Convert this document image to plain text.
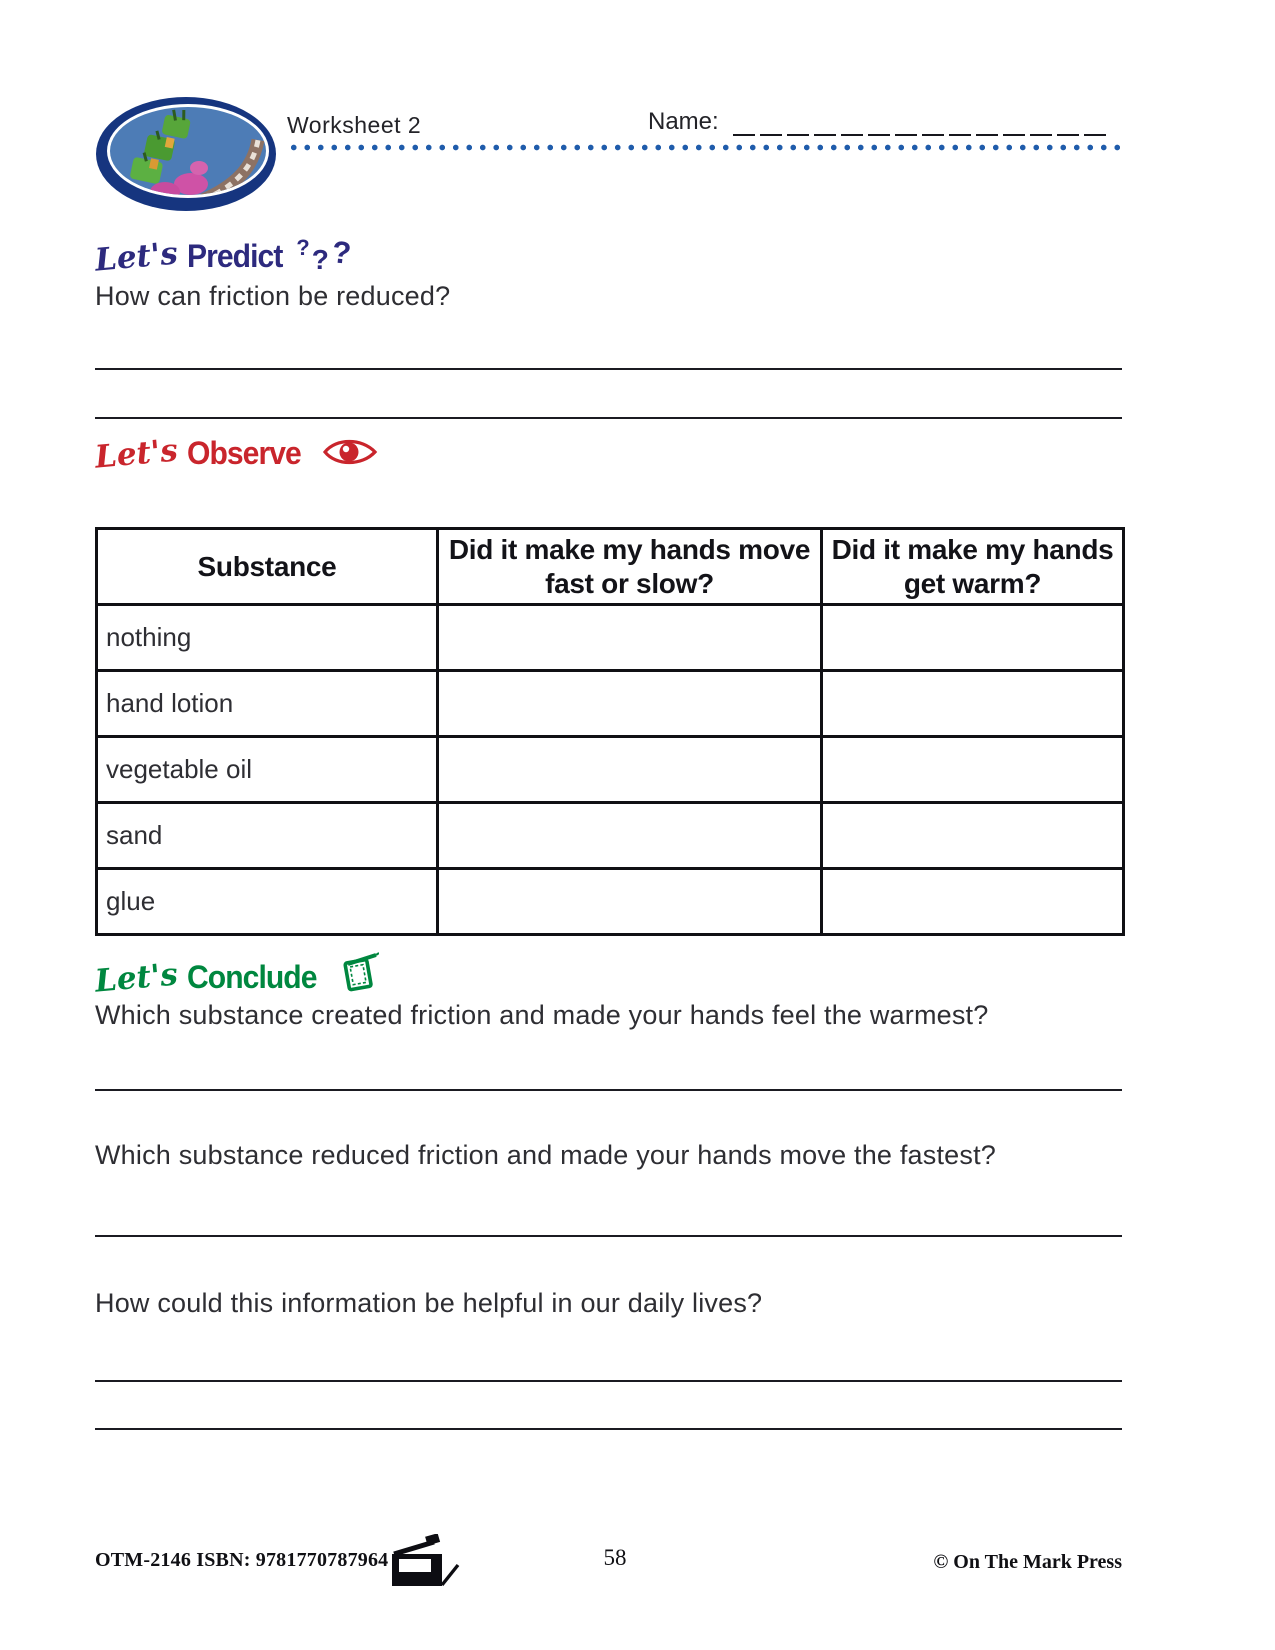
Worksheet 2	Name:
Let's Predict ???
How can friction be reduced?
Let's Observe
Substance	Did it make my hands move fast or slow?	Did it make my hands get warm?
nothing		
hand lotion		
vegetable oil		
sand		
glue		
Let's Conclude
Which substance created friction and made your hands feel the warmest?
Which substance reduced friction and made your hands move the fastest?
How could this information be helpful in our daily lives?
OTM-2146 ISBN: 9781770787964	58	© On The Mark Press
